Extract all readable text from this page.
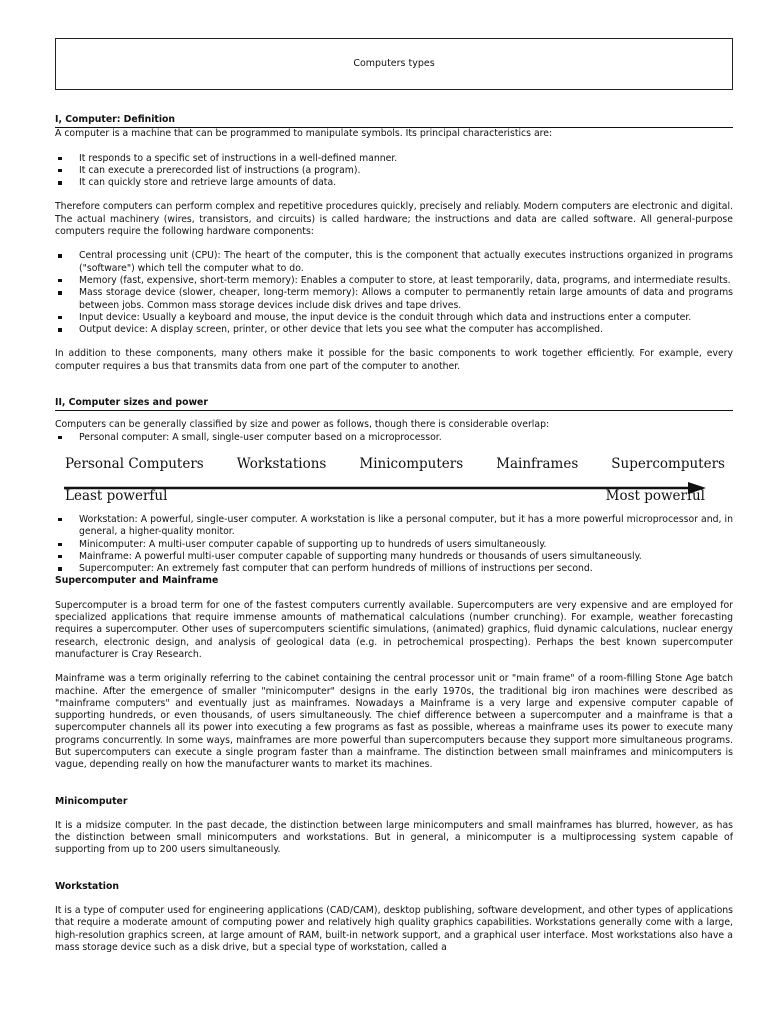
Computers types
I, Computer: Definition

A computer is a machine that can be programmed to manipulate symbols. Its principal characteristics are:

It responds to a specific set of instructions in a well-defined manner.
It can execute a prerecorded list of instructions (a program).
It can quickly store and retrieve large amounts of data.

Therefore computers can perform complex and repetitive procedures quickly, precisely and reliably. Modern computers are electronic and digital. The actual machinery (wires, transistors, and circuits) is called hardware; the instructions and data are called software. All general-purpose computers require the following hardware components:

Central processing unit (CPU): The heart of the computer, this is the component that actually executes instructions organized in programs ("software") which tell the computer what to do.
Memory (fast, expensive, short-term memory): Enables a computer to store, at least temporarily, data, programs, and intermediate results.
Mass storage device (slower, cheaper, long-term memory): Allows a computer to permanently retain large amounts of data and programs between jobs. Common mass storage devices include disk drives and tape drives.
Input device: Usually a keyboard and mouse, the input device is the conduit through which data and instructions enter a computer.
Output device: A display screen, printer, or other device that lets you see what the computer has accomplished.

In addition to these components, many others make it possible for the basic components to work together efficiently. For example, every computer requires a bus that transmits data from one part of the computer to another.

II, Computer sizes and power

Computers can be generally classified by size and power as follows, though there is considerable overlap:

Personal computer: A small, single-user computer based on a microprocessor.
Personal Computers Workstations Minicomputers Mainframes Supercomputers
Least powerful	Most powerful
Workstation: A powerful, single-user computer. A workstation is like a personal computer, but it has a more powerful microprocessor and, in general, a higher-quality monitor.
Minicomputer: A multi-user computer capable of supporting up to hundreds of users simultaneously.
Mainframe: A powerful multi-user computer capable of supporting many hundreds or thousands of users simultaneously.
Supercomputer: An extremely fast computer that can perform hundreds of millions of instructions per second.
Supercomputer and Mainframe

Supercomputer is a broad term for one of the fastest computers currently available. Supercomputers are very expensive and are employed for specialized applications that require immense amounts of mathematical calculations (number crunching). For example, weather forecasting requires a supercomputer. Other uses of supercomputers scientific simulations, (animated) graphics, fluid dynamic calculations, nuclear energy research, electronic design, and analysis of geological data (e.g. in petrochemical prospecting). Perhaps the best known supercomputer manufacturer is Cray Research.

Mainframe was a term originally referring to the cabinet containing the central processor unit or "main frame" of a room-filling Stone Age batch machine. After the emergence of smaller "minicomputer" designs in the early 1970s, the traditional big iron machines were described as "mainframe computers" and eventually just as mainframes. Nowadays a Mainframe is a very large and expensive computer capable of supporting hundreds, or even thousands, of users simultaneously. The chief difference between a supercomputer and a mainframe is that a supercomputer channels all its power into executing a few programs as fast as possible, whereas a mainframe uses its power to execute many programs concurrently. In some ways, mainframes are more powerful than supercomputers because they support more simultaneous programs. But supercomputers can execute a single program faster than a mainframe. The distinction between small mainframes and minicomputers is vague, depending really on how the manufacturer wants to market its machines.

Minicomputer

It is a midsize computer. In the past decade, the distinction between large minicomputers and small mainframes has blurred, however, as has the distinction between small minicomputers and workstations. But in general, a minicomputer is a multiprocessing system capable of supporting from up to 200 users simultaneously.

Workstation

It is a type of computer used for engineering applications (CAD/CAM), desktop publishing, software development, and other types of applications that require a moderate amount of computing power and relatively high quality graphics capabilities. Workstations generally come with a large, high-resolution graphics screen, at large amount of RAM, built-in network support, and a graphical user interface. Most workstations also have a mass storage device such as a disk drive, but a special type of workstation, called a
